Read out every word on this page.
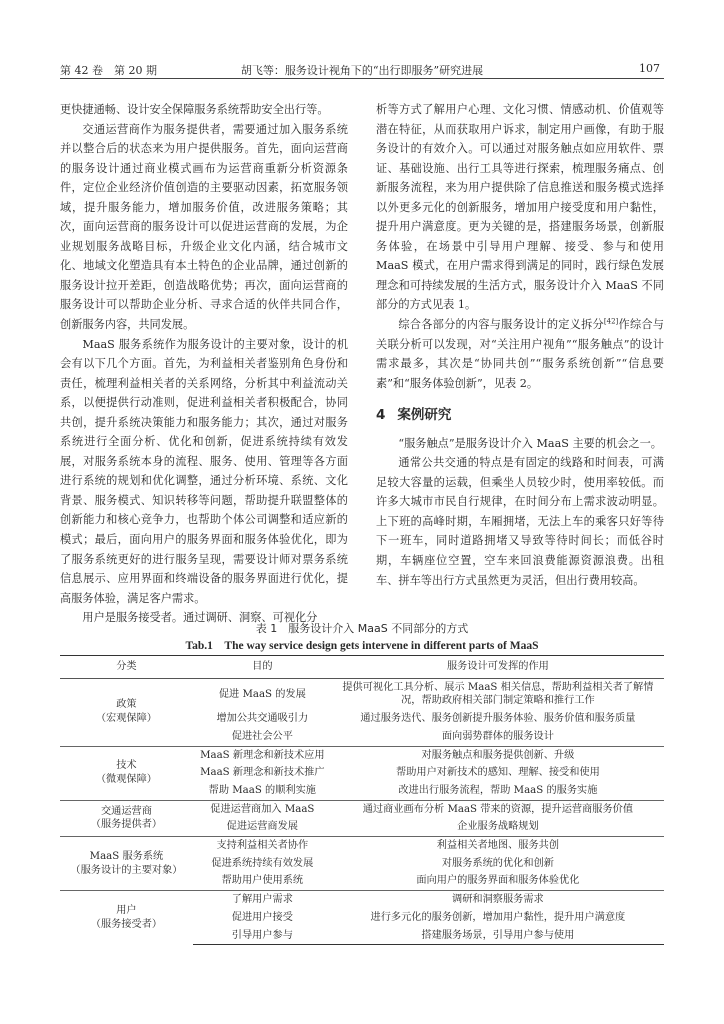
第 42 卷　第 20 期	胡飞等：服务设计视角下的“出行即服务”研究进展	107

更快捷通畅、设计安全保障服务系统帮助安全出行等。

交通运营商作为服务提供者，需要通过加入服务系统并以整合后的状态来为用户提供服务。首先，面向运营商的服务设计通过商业模式画布为运营商重新分析资源条件，定位企业经济价值创造的主要驱动因素，拓宽服务领域，提升服务能力，增加服务价值，改进服务策略；其次，面向运营商的服务设计可以促进运营商的发展，为企业规划服务战略目标，升级企业文化内涵，结合城市文化、地域文化塑造具有本土特色的企业品牌，通过创新的服务设计拉开差距，创造战略优势；再次，面向运营商的服务设计可以帮助企业分析、寻求合适的伙伴共同合作，创新服务内容，共同发展。

MaaS 服务系统作为服务设计的主要对象，设计的机会有以下几个方面。首先，为利益相关者鉴别角色身份和责任，梳理利益相关者的关系网络，分析其中利益流动关系，以便提供行动准则，促进利益相关者积极配合，协同共创，提升系统决策能力和服务能力；其次，通过对服务系统进行全面分析、优化和创新，促进系统持续有效发展，对服务系统本身的流程、服务、使用、管理等各方面进行系统的规划和优化调整，通过分析环境、系统、文化背景、服务模式、知识转移等问题，帮助提升联盟整体的创新能力和核心竞争力，也帮助个体公司调整和适应新的模式；最后，面向用户的服务界面和服务体验优化，即为了服务系统更好的进行服务呈现，需要设计师对票务系统信息展示、应用界面和终端设备的服务界面进行优化，提高服务体验，满足客户需求。

用户是服务接受者。通过调研、洞察、可视化分

析等方式了解用户心理、文化习惯、情感动机、价值观等潜在特征，从而获取用户诉求，制定用户画像，有助于服务设计的有效介入。可以通过对服务触点如应用软件、票证、基础设施、出行工具等进行探索，梳理服务痛点、创新服务流程，来为用户提供除了信息推送和服务模式选择以外更多元化的创新服务，增加用户接受度和用户黏性，提升用户满意度。更为关键的是，搭建服务场景，创新服务体验，在场景中引导用户理解、接受、参与和使用 MaaS 模式，在用户需求得到满足的同时，践行绿色发展理念和可持续发展的生活方式，服务设计介入 MaaS 不同部分的方式见表 1。

综合各部分的内容与服务设计的定义拆分[42]作综合与关联分析可以发现，对“关注用户视角”“服务触点”的设计需求最多，其次是“协同共创”“服务系统创新”“信息要素”和“服务体验创新”，见表 2。

4 案例研究

“服务触点”是服务设计介入 MaaS 主要的机会之一。

通常公共交通的特点是有固定的线路和时间表，可满足较大容量的运载，但乘坐人员较少时，使用率较低。而许多大城市市民自行规律，在时间分布上需求波动明显。上下班的高峰时期，车厢拥堵，无法上车的乘客只好等待下一班车，同时道路拥堵又导致等待时间长；而低谷时期，车辆座位空置，空车来回浪费能源资源浪费。出租车、拼车等出行方式虽然更为灵活，但出行费用较高。

表 1　服务设计介入 MaaS 不同部分的方式
Tab.1　The way service design gets intervene in different parts of MaaS
分类	目的	服务设计可发挥的作用
政策
（宏观保障）	促进 MaaS 的发展	提供可视化工具分析、展示 MaaS 相关信息，帮助利益相关者了解情况，帮助政府相关部门制定策略和推行工作
	增加公共交通吸引力	通过服务迭代、服务创新提升服务体验、服务价值和服务质量
	促进社会公平	面向弱势群体的服务设计
技术
（微观保障）	MaaS 新理念和新技术应用	对服务触点和服务提供创新、升级
	MaaS 新理念和新技术推广	帮助用户对新技术的感知、理解、接受和使用
	帮助 MaaS 的顺利实施	改进出行服务流程，帮助 MaaS 的服务实施
交通运营商
（服务提供者）	促进运营商加入 MaaS	通过商业画布分析 MaaS 带来的资源，提升运营商服务价值
	促进运营商发展	企业服务战略规划
MaaS 服务系统
（服务设计的主要对象）	支持利益相关者协作	利益相关者地图、服务共创
	促进系统持续有效发展	对服务系统的优化和创新
	帮助用户使用系统	面向用户的服务界面和服务体验优化
用户
（服务接受者）	了解用户需求	调研和洞察服务需求
	促进用户接受	进行多元化的服务创新，增加用户黏性，提升用户满意度
	引导用户参与	搭建服务场景，引导用户参与使用
